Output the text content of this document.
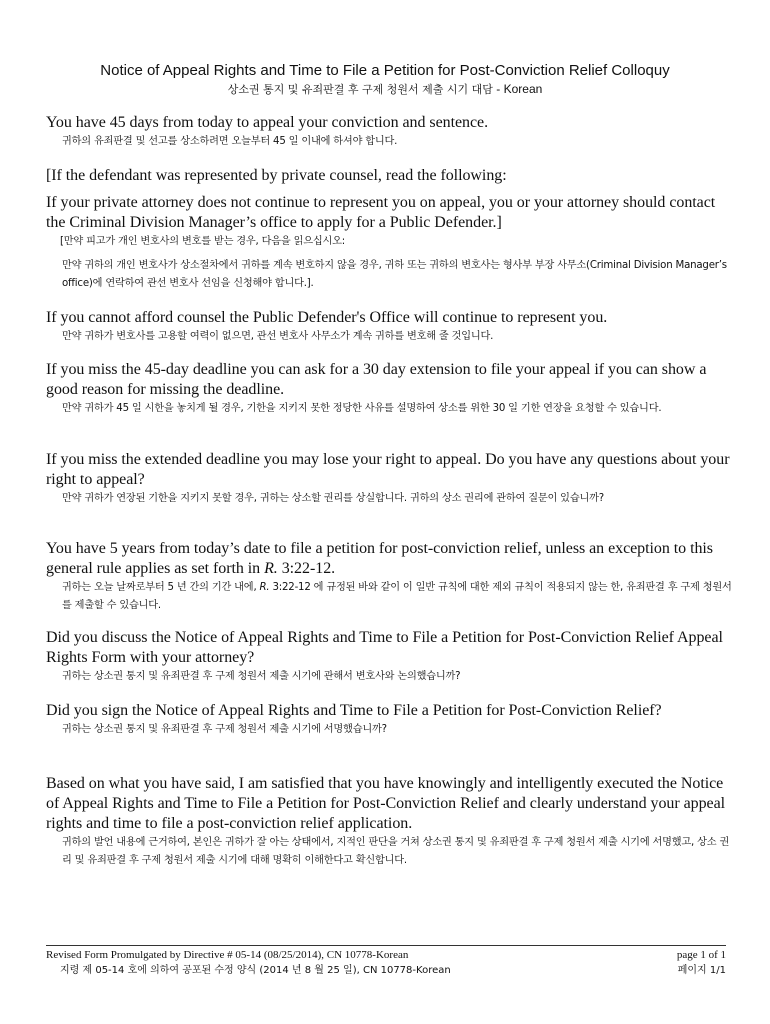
Notice of Appeal Rights and Time to File a Petition for Post-Conviction Relief Colloquy
상소권 통지 및 유죄판결 후 구제 청원서 제출 시기 대담 - Korean
You have 45 days from today to appeal your conviction and sentence.
귀하의 유죄판결 및 선고를 상소하려면 오늘부터 45 일 이내에 하셔야 합니다.
[If the defendant was represented by private counsel, read the following:
If your private attorney does not continue to represent you on appeal, you or your attorney should contact the Criminal Division Manager’s office to apply for a Public Defender.]
[만약 피고가 개인 변호사의 변호를 받는 경우, 다음을 읽으십시오:
만약 귀하의 개인 변호사가 상소절차에서 귀하를 계속 변호하지 않을 경우, 귀하 또는 귀하의 변호사는 형사부 부장 사무소(Criminal Division Manager’s office)에 연락하여 관선 변호사 선임을 신청해야 합니다.].
If you cannot afford counsel the Public Defender's Office will continue to represent you.
만약 귀하가 변호사를 고용할 여력이 없으면, 관선 변호사 사무소가 계속 귀하를 변호해 줄 것입니다.
If you miss the 45-day deadline you can ask for a 30 day extension to file your appeal if you can show a good reason for missing the deadline.
만약 귀하가 45 일 시한을 놓치게 될 경우, 기한을 지키지 못한 정당한 사유를 설명하여 상소를 위한 30 일 기한 연장을 요청할 수 있습니다.
If you miss the extended deadline you may lose your right to appeal. Do you have any questions about your right to appeal?
만약 귀하가 연장된 기한을 지키지 못할 경우, 귀하는 상소할 권리를 상실합니다. 귀하의 상소 권리에 관하여 질문이 있습니까?
You have 5 years from today’s date to file a petition for post-conviction relief, unless an exception to this general rule applies as set forth in R. 3:22-12.
귀하는 오늘 날짜로부터 5 년 간의 기간 내에, R. 3:22-12 에 규정된 바와 같이 이 일반 규칙에 대한 제외 규칙이 적용되지 않는 한, 유죄판결 후 구제 청원서를 제출할 수 있습니다.
Did you discuss the Notice of Appeal Rights and Time to File a Petition for Post-Conviction Relief Appeal Rights Form with your attorney?
귀하는 상소권 통지 및 유죄판결 후 구제 청원서 제출 시기에 관해서 변호사와 논의했습니까?
Did you sign the Notice of Appeal Rights and Time to File a Petition for Post-Conviction Relief?
귀하는 상소권 통지 및 유죄판결 후 구제 청원서 제출 시기에 서명했습니까?
Based on what you have said, I am satisfied that you have knowingly and intelligently executed the Notice of Appeal Rights and Time to File a Petition for Post-Conviction Relief and clearly understand your appeal rights and time to file a post-conviction relief application.
귀하의 발언 내용에 근거하여, 본인은 귀하가 잘 아는 상태에서, 지적인 판단을 거쳐 상소권 통지 및 유죄판결 후 구제 청원서 제출 시기에 서명했고, 상소 권리 및 유죄판결 후 구제 청원서 제출 시기에 대해 명확히 이해한다고 확신합니다.
Revised Form Promulgated by Directive # 05-14 (08/25/2014), CN 10778-Korean
지령 제 05-14 호에 의하여 공포된 수정 양식 (2014 년 8 월 25 일), CN 10778-Korean
page 1 of 1
페이지 1/1
